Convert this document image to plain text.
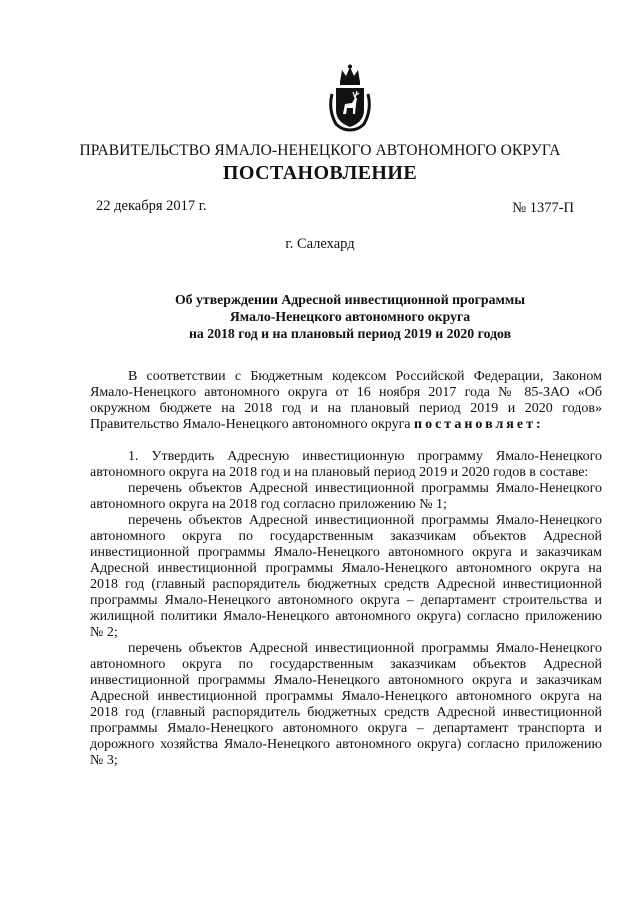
ПРАВИТЕЛЬСТВО ЯМАЛО-НЕНЕЦКОГО АВТОНОМНОГО ОКРУГА
ПОСТАНОВЛЕНИЕ
22 декабря 2017 г.	№ 1377-П
г. Салехард
Об утверждении Адресной инвестиционной программы
Ямало-Ненецкого автономного округа
на 2018 год и на плановый период 2019 и 2020 годов

В соответствии с Бюджетным кодексом Российской Федерации, Законом Ямало-Ненецкого автономного округа от 16 ноября 2017 года № 85-ЗАО «Об окружном бюджете на 2018 год и на плановый период 2019 и 2020 годов» Правительство Ямало-Ненецкого автономного округа постановляет:

1. Утвердить Адресную инвестиционную программу Ямало-Ненецкого автономного округа на 2018 год и на плановый период 2019 и 2020 годов в составе:

перечень объектов Адресной инвестиционной программы Ямало-Ненецкого автономного округа на 2018 год согласно приложению № 1;

перечень объектов Адресной инвестиционной программы Ямало-Ненецкого автономного округа по государственным заказчикам объектов Адресной инвестиционной программы Ямало-Ненецкого автономного округа и заказчикам Адресной инвестиционной программы Ямало-Ненецкого автономного округа на 2018 год (главный распорядитель бюджетных средств Адресной инвестиционной программы Ямало-Ненецкого автономного округа – департамент строительства и жилищной политики Ямало-Ненецкого автономного округа) согласно приложению № 2;

перечень объектов Адресной инвестиционной программы Ямало-Ненецкого автономного округа по государственным заказчикам объектов Адресной инвестиционной программы Ямало-Ненецкого автономного округа и заказчикам Адресной инвестиционной программы Ямало-Ненецкого автономного округа на 2018 год (главный распорядитель бюджетных средств Адресной инвестиционной программы Ямало-Ненецкого автономного округа – департамент транспорта и дорожного хозяйства Ямало-Ненецкого автономного округа) согласно приложению № 3;
